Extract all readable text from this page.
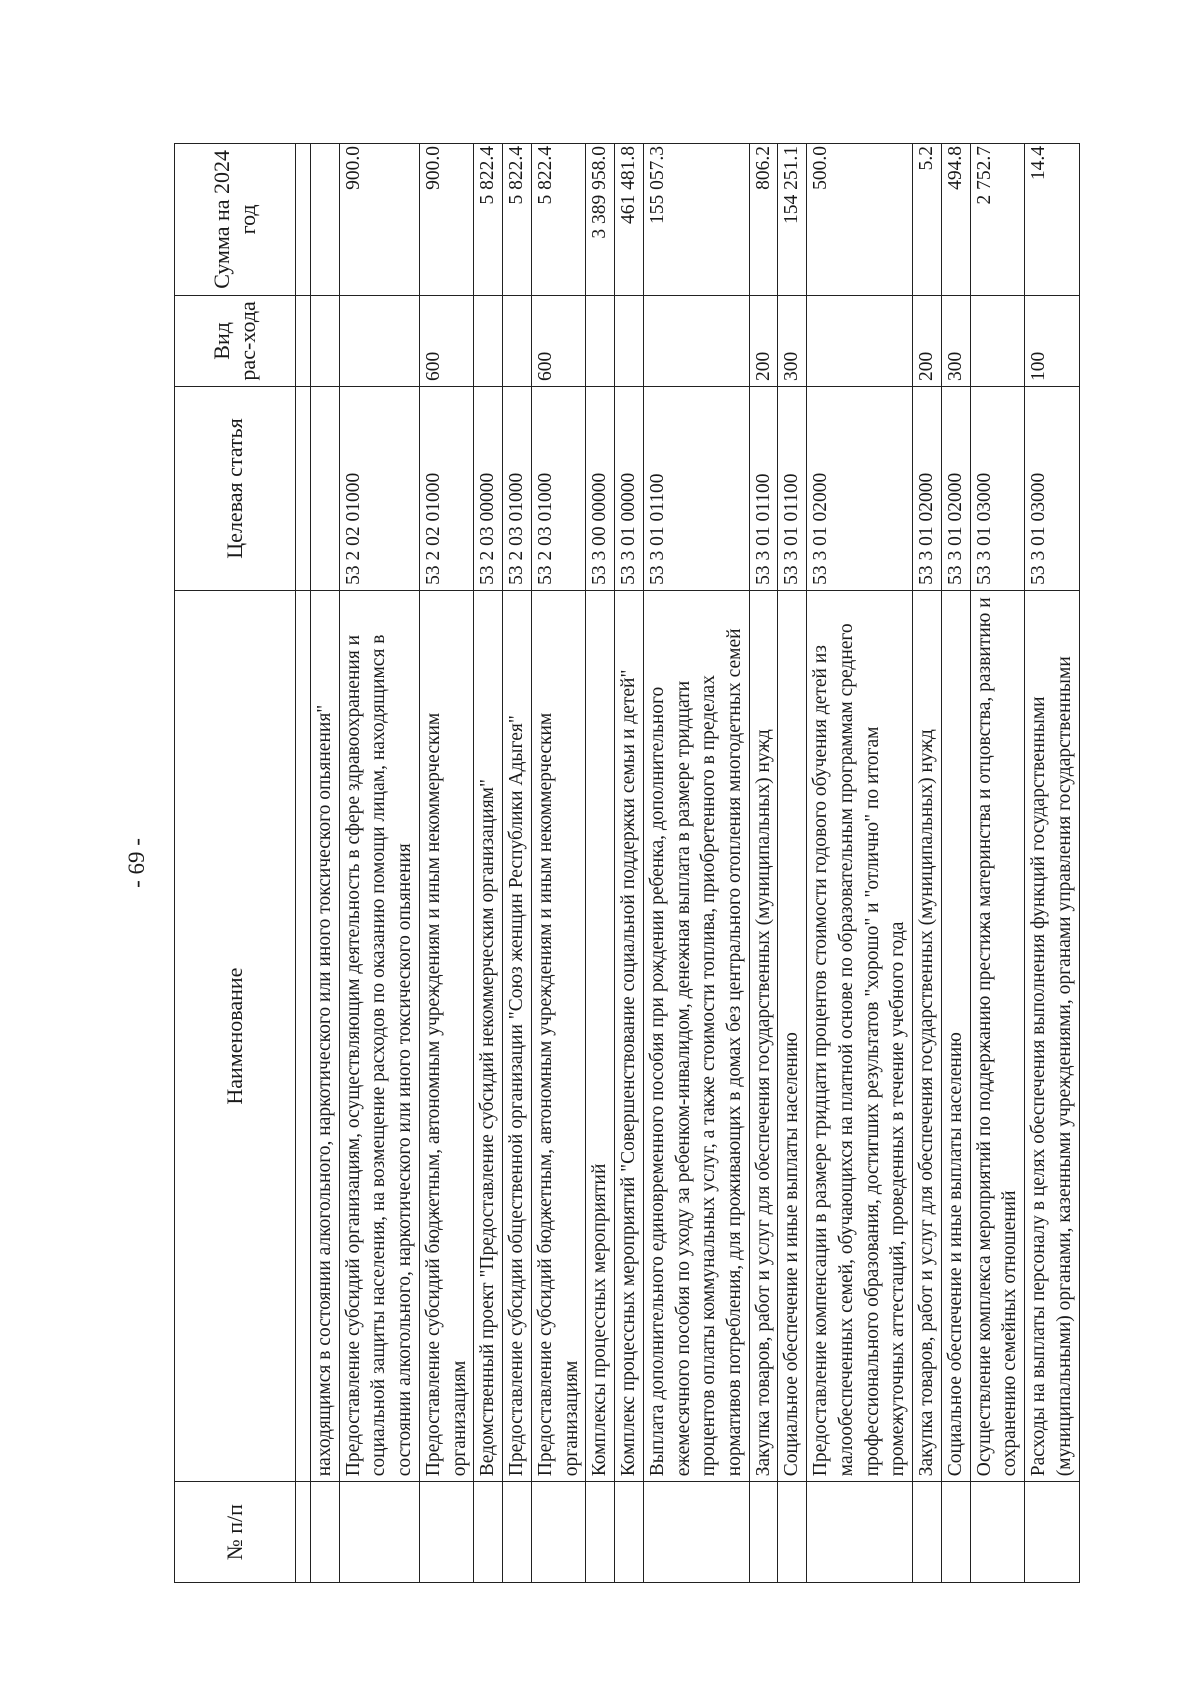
- 69 -
№ п/п	Наименование	Целевая статья	Вид рас-хода	Сумма на 2024 год

	находящимся в состоянии алкогольного, наркотического или иного токсического опьянения"			
	Предоставление субсидий организациям, осуществляющим деятельность в сфере здравоохранения и социальной защиты населения, на возмещение расходов по оказанию помощи лицам, находящимся в состоянии алкогольного, наркотического или иного токсического опьянения	53 2 02 01000		900.0
	Предоставление субсидий бюджетным, автономным учреждениям и иным некоммерческим организациям	53 2 02 01000	600	900.0
	Ведомственный проект "Предоставление субсидий некоммерческим организациям"	53 2 03 00000		5 822.4
	Предоставление субсидии общественной организации "Союз женщин Республики Адыгея"	53 2 03 01000		5 822.4
	Предоставление субсидий бюджетным, автономным учреждениям и иным некоммерческим организациям	53 2 03 01000	600	5 822.4
	Комплексы процессных мероприятий	53 3 00 00000		3 389 958.0
	Комплекс процессных мероприятий "Совершенствование социальной поддержки семьи и детей"	53 3 01 00000		461 481.8
	Выплата дополнительного единовременного пособия при рождении ребенка, дополнительного ежемесячного пособия по уходу за ребенком-инвалидом, денежная выплата в размере тридцати процентов оплаты коммунальных услуг, а также стоимости топлива, приобретенного в пределах нормативов потребления, для проживающих в домах без центрального отопления многодетных семей	53 3 01 01100		155 057.3
	Закупка товаров, работ и услуг для обеспечения государственных (муниципальных) нужд	53 3 01 01100	200	806.2
	Социальное обеспечение и иные выплаты населению	53 3 01 01100	300	154 251.1
	Предоставление компенсации в размере тридцати процентов стоимости годового обучения детей из малообеспеченных семей, обучающихся на платной основе по образовательным программам среднего профессионального образования, достигших результатов "хорошо" и "отлично" по итогам промежуточных аттестаций, проведенных в течение учебного года	53 3 01 02000		500.0
	Закупка товаров, работ и услуг для обеспечения государственных (муниципальных) нужд	53 3 01 02000	200	5.2
	Социальное обеспечение и иные выплаты населению	53 3 01 02000	300	494.8
	Осуществление комплекса мероприятий по поддержанию престижа материнства и отцовства, развитию и сохранению семейных отношений	53 3 01 03000		2 752.7
	Расходы на выплаты персоналу в целях обеспечения выполнения функций государственными (муниципальными) органами, казенными учреждениями, органами управления государственными	53 3 01 03000	100	14.4
